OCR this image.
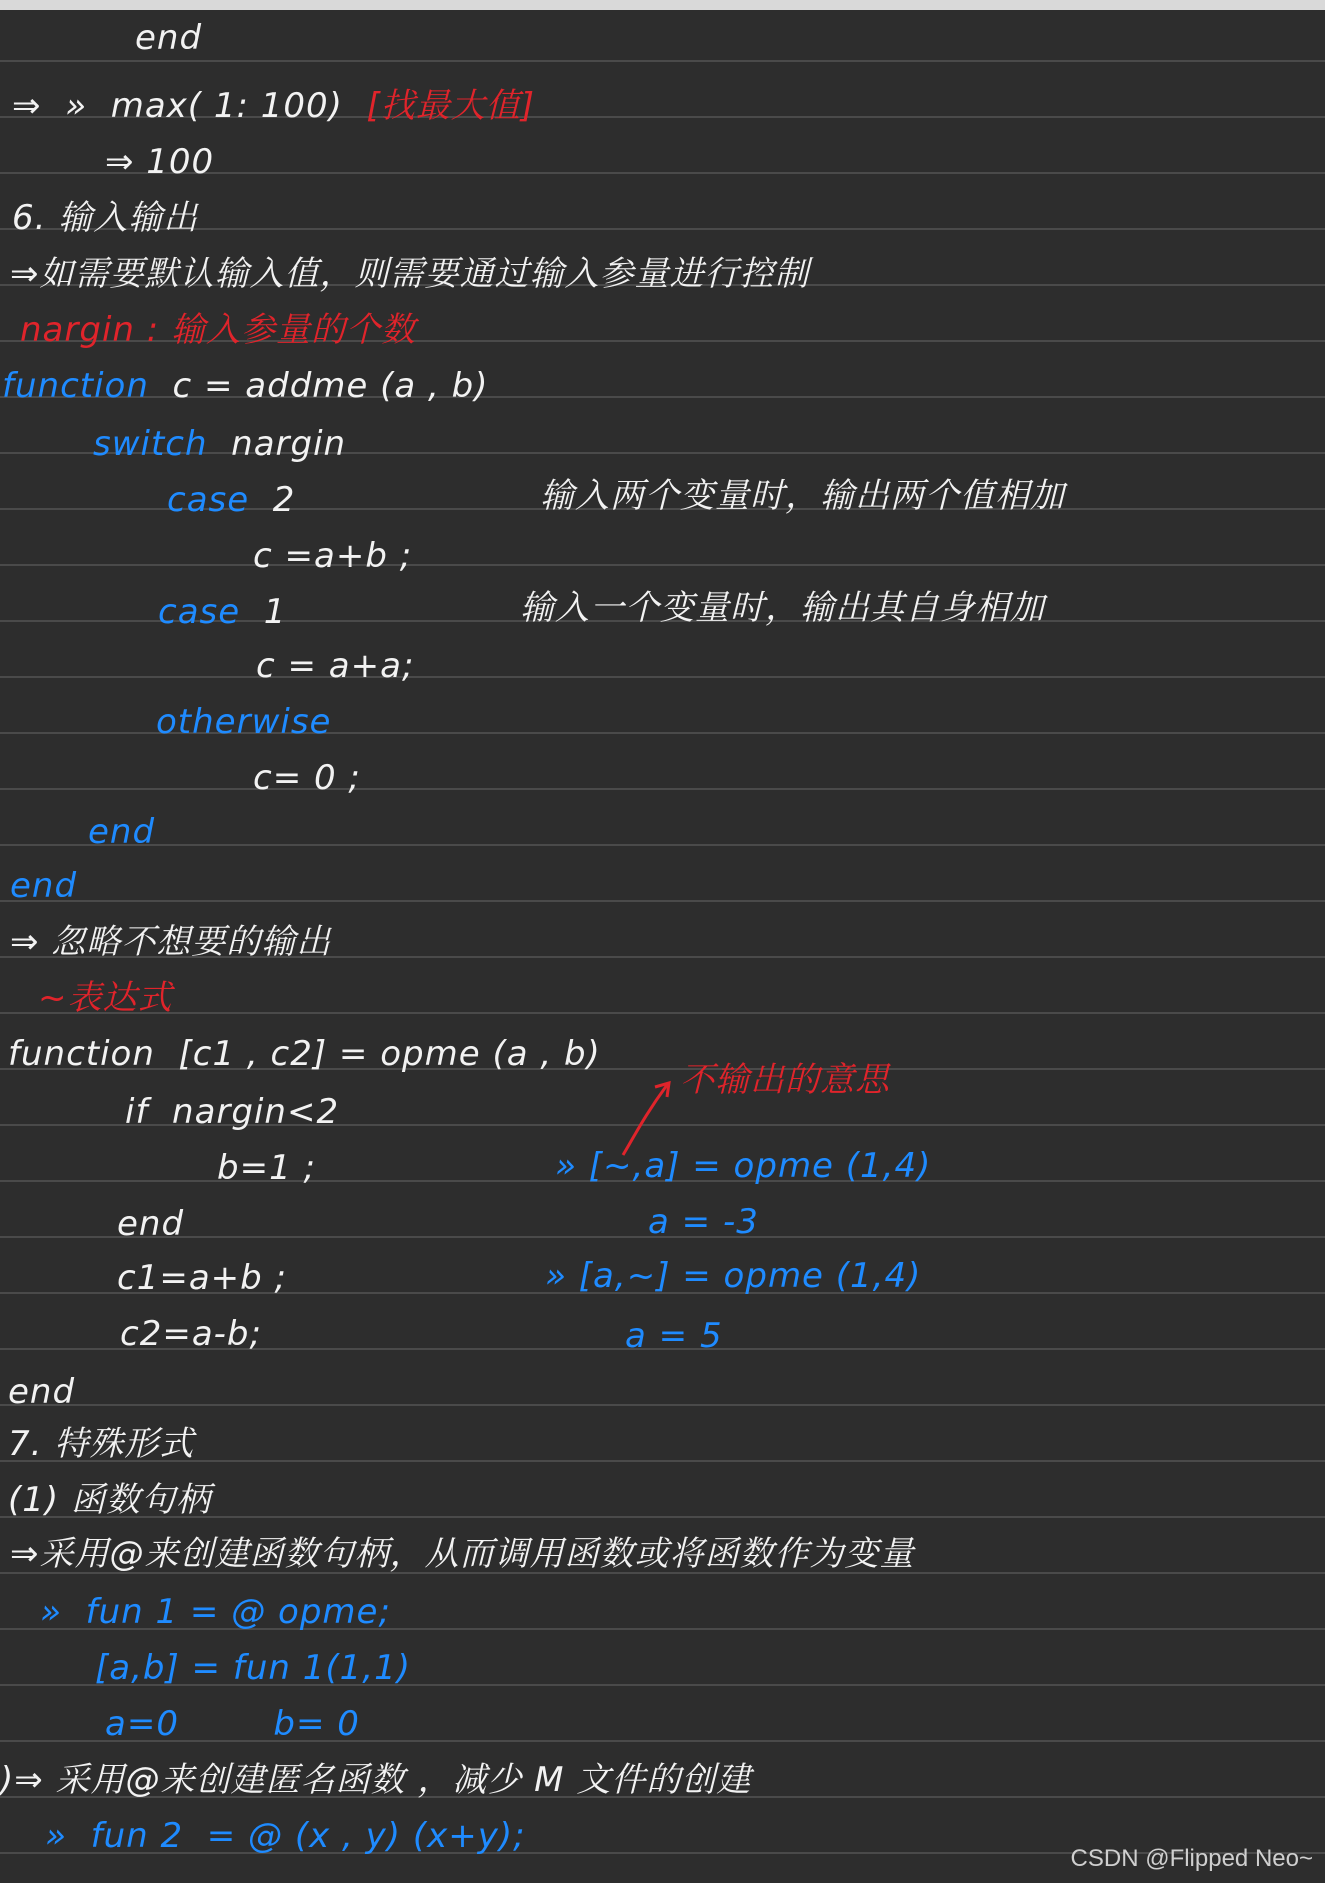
end
⇒  »  max( 1: 100)  [找最大值]
⇒ 100
6. 输入输出
⇒如需要默认输入值，则需要通过输入参量进行控制
nargin : 输入参量的个数
function  c = addme (a , b)
switch  nargin
case  2	输入两个变量时，输出两个值相加
c =a+b ;
case  1	输入一个变量时，输出其自身相加
c = a+a;
otherwise
c= 0 ;
end
end
⇒ 忽略不想要的输出
~表达式
function  [c1 , c2] = opme (a , b)
if  nargin<2
不输出的意思
b=1 ;	» [~,a] = opme (1,4)
end	a = -3
c1=a+b ;	» [a,~] = opme (1,4)
c2=a-b;	a = 5
end
7. 特殊形式
(1) 函数句柄
⇒采用@来创建函数句柄，从而调用函数或将函数作为变量
»  fun 1 = @ opme;
[a,b] = fun 1(1,1)
a=0        b= 0
)⇒ 采用@来创建匿名函数 ，减少 M 文件的创建
»  fun 2  = @ (x , y) (x+y);
CSDN @Flipped Neo~
